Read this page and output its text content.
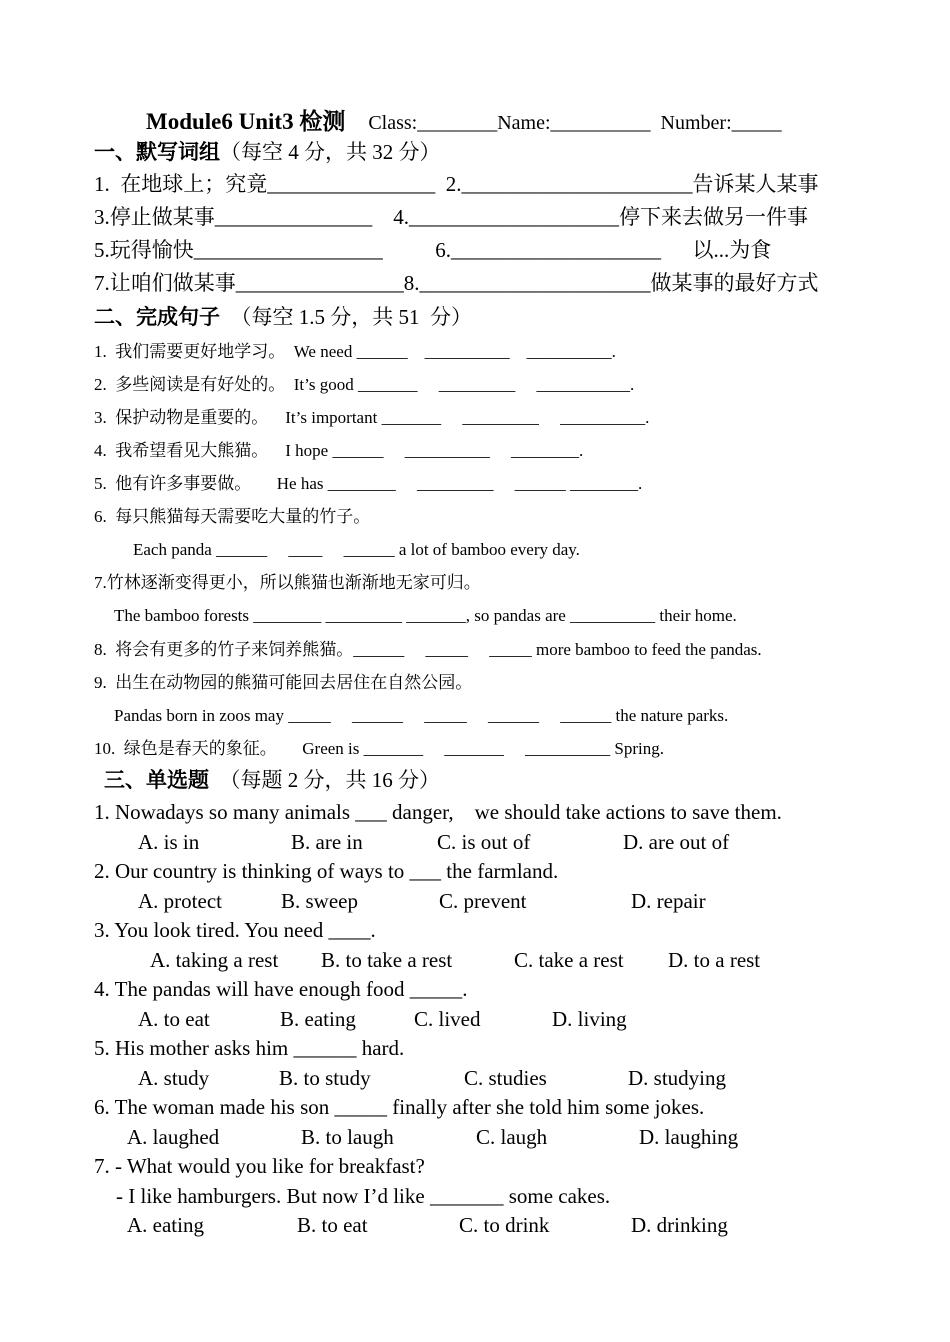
Module6 Unit3 检测 Class:________Name:__________  Number:_____
一、默写词组（每空 4 分，共 32 分）
1.  在地球上；究竟________________  2.______________________告诉某人某事
3.停止做某事_______________    4.____________________停下来去做另一件事
5.玩得愉快__________________          6.____________________      以...为食
7.让咱们做某事________________8.______________________做某事的最好方式
二、完成句子 （每空 1.5 分，共 51  分）
1.  我们需要更好地学习。  We need ______    __________    __________.
2.  多些阅读是有好处的。  It’s good _______     _________     ___________.
3.  保护动物是重要的。    It’s important _______     _________     __________.
4.  我希望看见大熊猫。    I hope ______     __________     ________.
5.  他有许多事要做。      He has ________     _________     ______ ________.
6.  每只熊猫每天需要吃大量的竹子。
Each panda ______     ____     ______ a lot of bamboo every day.
7.竹林逐渐变得更小，所以熊猫也渐渐地无家可归。
The bamboo forests ________ _________ _______, so pandas are __________ their home.
8.  将会有更多的竹子来饲养熊猫。______     _____     _____ more bamboo to feed the pandas.
9.  出生在动物园的熊猫可能回去居住在自然公园。
Pandas born in zoos may _____     ______     _____     ______     ______ the nature parks.
10.  绿色是春天的象征。      Green is _______     _______     __________ Spring.
三、单选题 （每题 2 分，共 16 分）
1. Nowadays so many animals ___ danger,    we should take actions to save them.
A. is in	B. are in	C. is out of	D. are out of
2. Our country is thinking of ways to ___ the farmland.
A. protect	B. sweep	C. prevent	D. repair
3. You look tired. You need ____.
A. taking a rest B. to take a rest	C. take a rest D. to a rest
4. The pandas will have enough food _____.
A. to eat	B. eating	C. lived	D. living
5. His mother asks him ______ hard.
A. study	B. to study	C. studies	D. studying
6. The woman made his son _____ finally after she told him some jokes.
A. laughed	B. to laugh	C. laugh	D. laughing
7. - What would you like for breakfast?
- I like hamburgers. But now I’d like _______ some cakes.
A. eating	B. to eat	C. to drink	D. drinking
